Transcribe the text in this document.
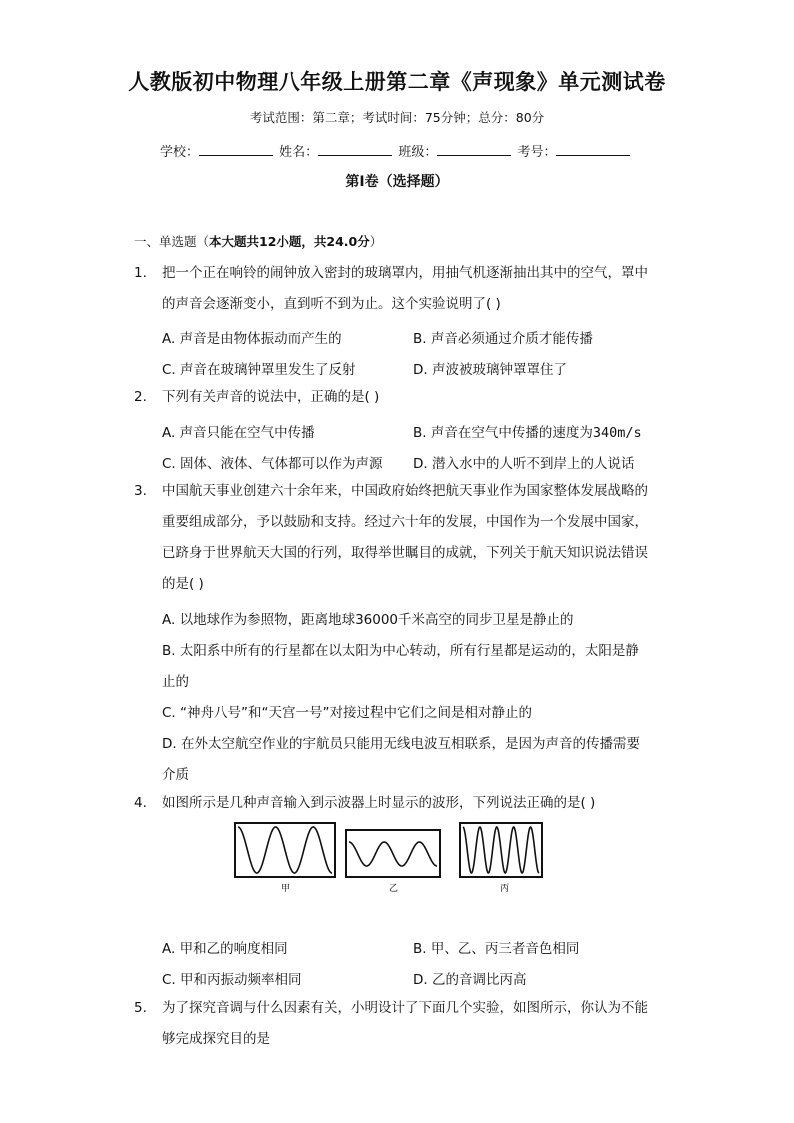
人教版初中物理八年级上册第二章《声现象》单元测试卷
考试范围：第二章；考试时间：75分钟；总分：80分
学校：	姓名：	班级：	考号：
第I卷（选择题）
一、单选题（本大题共12小题，共24.0分）
1.	把一个正在响铃的闹钟放入密封的玻璃罩内，用抽气机逐渐抽出其中的空气，罩中
的声音会逐渐变小，直到听不到为止。这个实验说明了( )
A. 声音是由物体振动而产生的	B. 声音必须通过介质才能传播
C. 声音在玻璃钟罩里发生了反射	D. 声波被玻璃钟罩罩住了
2.	下列有关声音的说法中，正确的是( )
A. 声音只能在空气中传播	B. 声音在空气中传播的速度为340m/s
C. 固体、液体、气体都可以作为声源 D. 潜入水中的人听不到岸上的人说话
3.	中国航天事业创建六十余年来，中国政府始终把航天事业作为国家整体发展战略的
重要组成部分，予以鼓励和支持。经过六十年的发展，中国作为一个发展中国家，
已跻身于世界航天大国的行列，取得举世瞩目的成就，下列关于航天知识说法错误
的是( )
A. 以地球作为参照物，距离地球36000千米高空的同步卫星是静止的
B. 太阳系中所有的行星都在以太阳为中心转动，所有行星都是运动的，太阳是静
止的
C. “神舟八号”和“天宫一号”对接过程中它们之间是相对静止的
D. 在外太空航空作业的宇航员只能用无线电波互相联系，是因为声音的传播需要
介质
4.	如图所示是几种声音输入到示波器上时显示的波形，下列说法正确的是( )
甲	乙	丙
A. 甲和乙的响度相同	B. 甲、乙、丙三者音色相同
C. 甲和丙振动频率相同	D. 乙的音调比丙高
5.	为了探究音调与什么因素有关，小明设计了下面几个实验，如图所示，你认为不能
够完成探究目的是
